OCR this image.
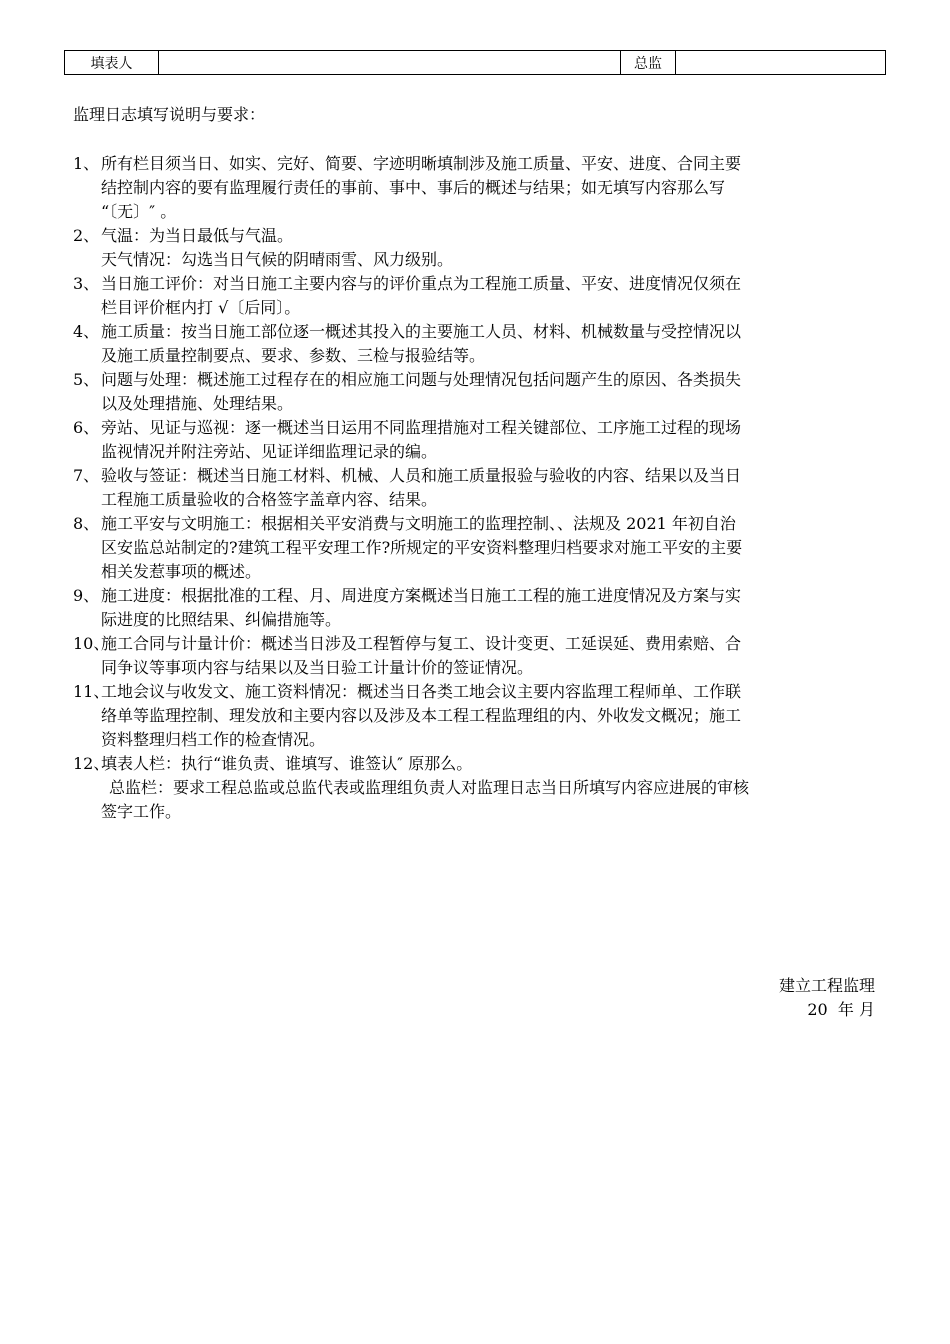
填表人		总监	
监理日志填写说明与要求：
1、 所有栏目须当日、如实、完好、简要、字迹明晰填制涉及施工质量、平安、进度、合同主要
结控制内容的要有监理履行责任的事前、事中、事后的概述与结果；如无填写内容那么写
“〔无〕″ 。
2、 气温：为当日最低与气温。
天气情况：勾选当日气候的阴晴雨雪、风力级别。
3、 当日施工评价：对当日施工主要内容与的评价重点为工程施工质量、平安、进度情况仅须在
栏目评价框内打 √〔后同〕。
4、 施工质量：按当日施工部位逐一概述其投入的主要施工人员、材料、机械数量与受控情况以
及施工质量控制要点、要求、参数、三检与报验结等。
5、 问题与处理：概述施工过程存在的相应施工问题与处理情况包括问题产生的原因、各类损失
以及处理措施、处理结果。
6、 旁站、见证与巡视：逐一概述当日运用不同监理措施对工程关键部位、工序施工过程的现场
监视情况并附注旁站、见证详细监理记录的编。
7、 验收与签证：概述当日施工材料、机械、人员和施工质量报验与验收的内容、结果以及当日
工程施工质量验收的合格签字盖章内容、结果。
8、 施工平安与文明施工：根据相关平安消费与文明施工的监理控制、、法规及 2021 年初自治
区安监总站制定的?建筑工程平安理工作?所规定的平安资料整理归档要求对施工平安的主要
相关发惹事项的概述。
9、 施工进度：根据批准的工程、月、周进度方案概述当日施工工程的施工进度情况及方案与实
际进度的比照结果、纠偏措施等。
10、
施工合同与计量计价：概述当日涉及工程暂停与复工、设计变更、工延误延、费用索赔、合
同争议等事项内容与结果以及当日验工计量计价的签证情况。
11、
工地会议与收发文、施工资料情况：概述当日各类工地会议主要内容监理工程师单、工作联
络单等监理控制、理发放和主要内容以及涉及本工程工程监理组的内、外收发文概况；施工
资料整理归档工作的检查情况。
12、
填表人栏：执行“谁负责、谁填写、谁签认″ 原那么。
总监栏：要求工程总监或总监代表或监理组负责人对监理日志当日所填写内容应进展的审核
签字工作。
建立工程监理
20  年 月
